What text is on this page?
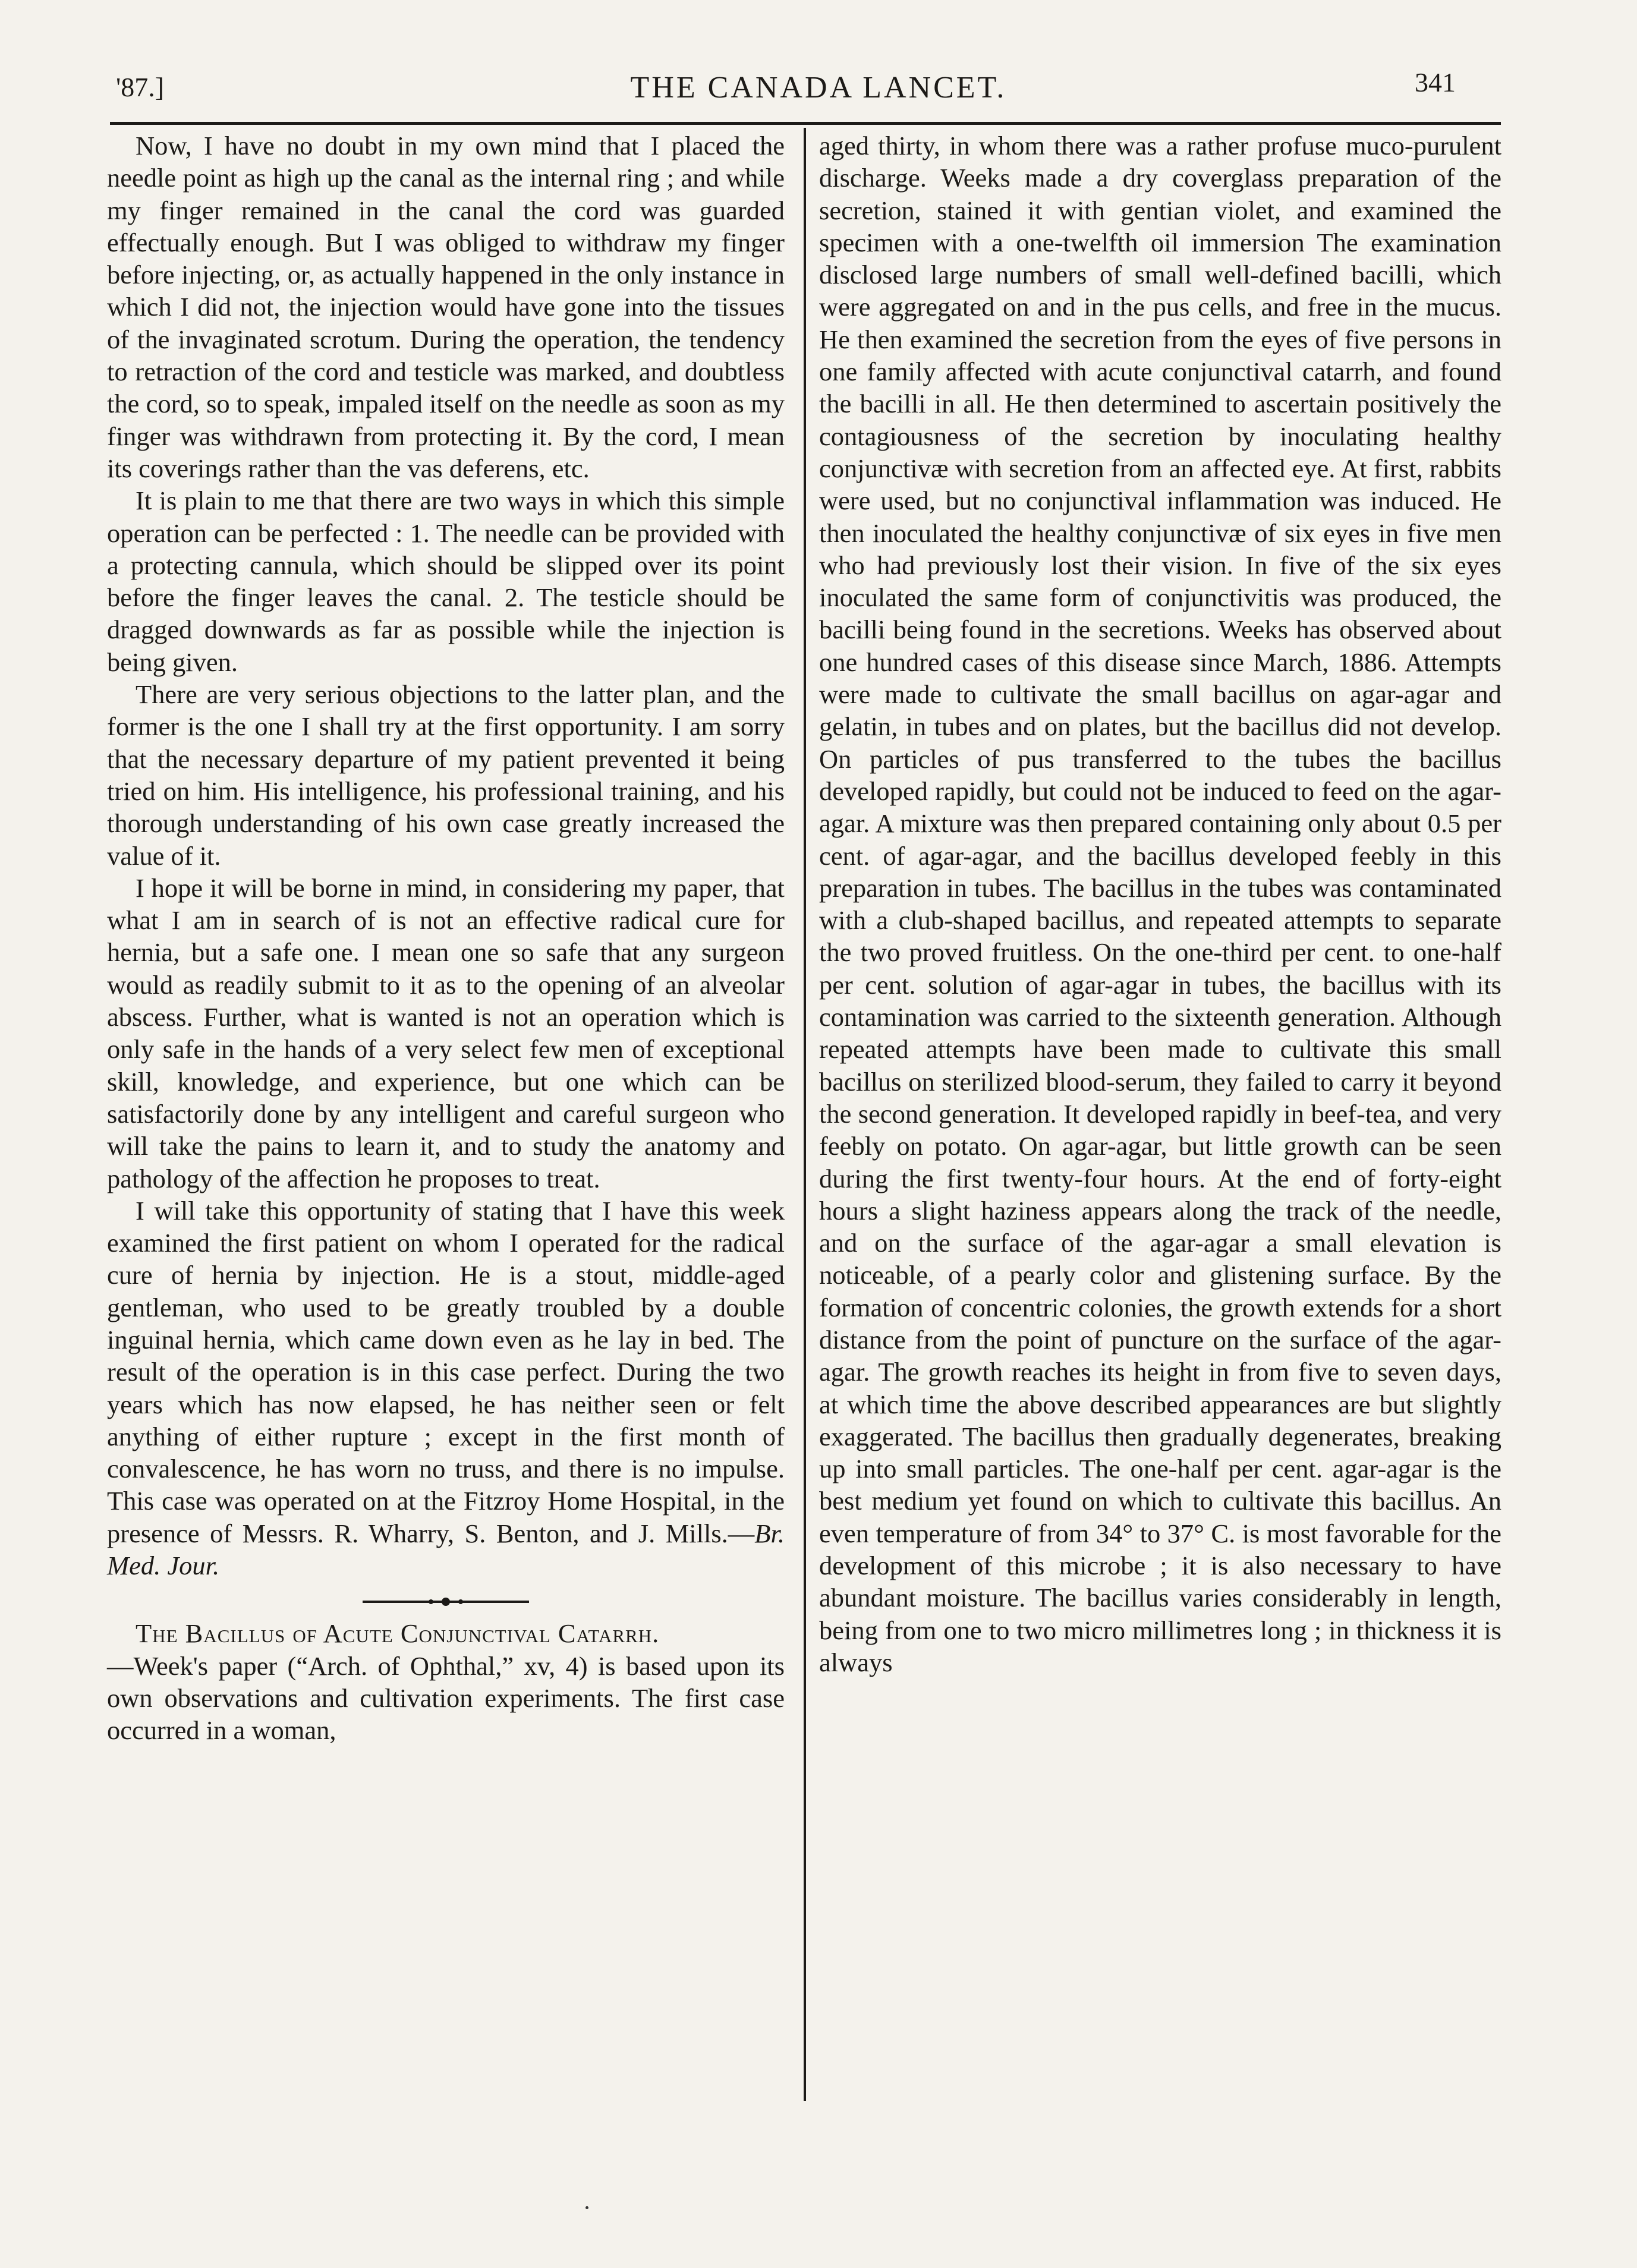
'87.]	THE CANADA LANCET.	341

Now, I have no doubt in my own mind that I placed the needle point as high up the canal as the internal ring ; and while my finger remained in the canal the cord was guarded effectually enough. But I was obliged to withdraw my finger before injecting, or, as actually happened in the only instance in which I did not, the injection would have gone into the tissues of the invaginated scrotum. During the operation, the tendency to retraction of the cord and testicle was marked, and doubtless the cord, so to speak, impaled itself on the needle as soon as my finger was withdrawn from protecting it. By the cord, I mean its coverings rather than the vas deferens, etc.

It is plain to me that there are two ways in which this simple operation can be perfected : 1. The needle can be provided with a protecting cannula, which should be slipped over its point before the finger leaves the canal. 2. The testicle should be dragged downwards as far as possible while the injection is being given.

There are very serious objections to the latter plan, and the former is the one I shall try at the first opportunity. I am sorry that the necessary departure of my patient prevented it being tried on him. His intelligence, his professional training, and his thorough understanding of his own case greatly increased the value of it.

I hope it will be borne in mind, in considering my paper, that what I am in search of is not an effective radical cure for hernia, but a safe one. I mean one so safe that any surgeon would as readily submit to it as to the opening of an alveolar abscess. Further, what is wanted is not an operation which is only safe in the hands of a very select few men of exceptional skill, knowledge, and experience, but one which can be satisfactorily done by any intelligent and careful surgeon who will take the pains to learn it, and to study the anatomy and pathology of the affection he proposes to treat.

I will take this opportunity of stating that I have this week examined the first patient on whom I operated for the radical cure of hernia by injection. He is a stout, middle-aged gentleman, who used to be greatly troubled by a double inguinal hernia, which came down even as he lay in bed. The result of the operation is in this case perfect. During the two years which has now elapsed, he has neither seen or felt anything of either rupture ; except in the first month of convalescence, he has worn no truss, and there is no impulse. This case was operated on at the Fitzroy Home Hospital, in the presence of Messrs. R. Wharry, S. Benton, and J. Mills.—Br. Med. Jour.

The Bacillus of Acute Conjunctival Catarrh.

—Week's paper (“Arch. of Ophthal,” xv, 4) is based upon its own observations and cultivation experiments. The first case occurred in a woman,

aged thirty, in whom there was a rather profuse muco-purulent discharge. Weeks made a dry coverglass preparation of the secretion, stained it with gentian violet, and examined the specimen with a one-twelfth oil immersion The examination disclosed large numbers of small well-defined bacilli, which were aggregated on and in the pus cells, and free in the mucus. He then examined the secretion from the eyes of five persons in one family affected with acute conjunctival catarrh, and found the bacilli in all. He then determined to ascertain positively the contagiousness of the secretion by inoculating healthy conjunctivæ with secretion from an affected eye. At first, rabbits were used, but no conjunctival inflammation was induced. He then inoculated the healthy conjunctivæ of six eyes in five men who had previously lost their vision. In five of the six eyes inoculated the same form of conjunctivitis was produced, the bacilli being found in the secretions. Weeks has observed about one hundred cases of this disease since March, 1886. Attempts were made to cultivate the small bacillus on agar-agar and gelatin, in tubes and on plates, but the bacillus did not develop. On particles of pus transferred to the tubes the bacillus developed rapidly, but could not be induced to feed on the agar-agar. A mixture was then prepared containing only about 0.5 per cent. of agar-agar, and the bacillus developed feebly in this preparation in tubes. The bacillus in the tubes was contaminated with a club-shaped bacillus, and repeated attempts to separate the two proved fruitless. On the one-third per cent. to one-half per cent. solution of agar-agar in tubes, the bacillus with its contamination was carried to the sixteenth generation. Although repeated attempts have been made to cultivate this small bacillus on sterilized blood-serum, they failed to carry it beyond the second generation. It developed rapidly in beef-tea, and very feebly on potato. On agar-agar, but little growth can be seen during the first twenty-four hours. At the end of forty-eight hours a slight haziness appears along the track of the needle, and on the surface of the agar-agar a small elevation is noticeable, of a pearly color and glistening surface. By the formation of concentric colonies, the growth extends for a short distance from the point of puncture on the surface of the agar-agar. The growth reaches its height in from five to seven days, at which time the above described appearances are but slightly exaggerated. The bacillus then gradually degenerates, breaking up into small particles. The one-half per cent. agar-agar is the best medium yet found on which to cultivate this bacillus. An even temperature of from 34° to 37° C. is most favorable for the development of this microbe ; it is also necessary to have abundant moisture. The bacillus varies considerably in length, being from one to two micro millimetres long ; in thickness it is always
